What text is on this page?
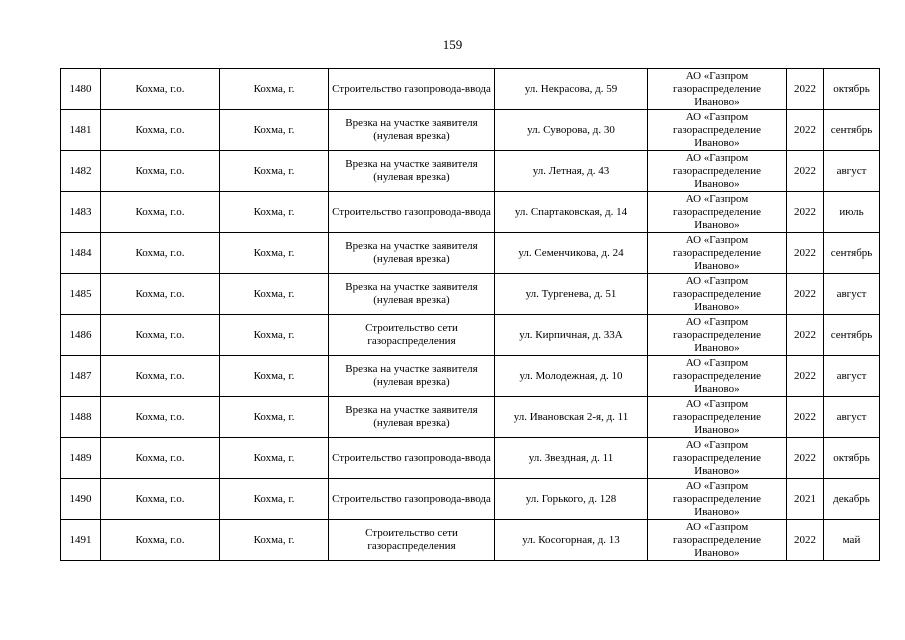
159
1480	Кохма, г.о.	Кохма, г.	Строительство газопровода-ввода	ул. Некрасова, д. 59	АО «Газпром газораспределение Иваново»	2022	октябрь
1481	Кохма, г.о.	Кохма, г.	Врезка на участке заявителя (нулевая врезка)	ул. Суворова, д. 30	АО «Газпром газораспределение Иваново»	2022	сентябрь
1482	Кохма, г.о.	Кохма, г.	Врезка на участке заявителя (нулевая врезка)	ул. Летная, д. 43	АО «Газпром газораспределение Иваново»	2022	август
1483	Кохма, г.о.	Кохма, г.	Строительство газопровода-ввода	ул. Спартаковская, д. 14	АО «Газпром газораспределение Иваново»	2022	июль
1484	Кохма, г.о.	Кохма, г.	Врезка на участке заявителя (нулевая врезка)	ул. Семенчикова, д. 24	АО «Газпром газораспределение Иваново»	2022	сентябрь
1485	Кохма, г.о.	Кохма, г.	Врезка на участке заявителя (нулевая врезка)	ул. Тургенева, д. 51	АО «Газпром газораспределение Иваново»	2022	август
1486	Кохма, г.о.	Кохма, г.	Строительство сети газораспределения	ул. Кирпичная, д. 33А	АО «Газпром газораспределение Иваново»	2022	сентябрь
1487	Кохма, г.о.	Кохма, г.	Врезка на участке заявителя (нулевая врезка)	ул. Молодежная, д. 10	АО «Газпром газораспределение Иваново»	2022	август
1488	Кохма, г.о.	Кохма, г.	Врезка на участке заявителя (нулевая врезка)	ул. Ивановская 2-я, д. 11	АО «Газпром газораспределение Иваново»	2022	август
1489	Кохма, г.о.	Кохма, г.	Строительство газопровода-ввода	ул. Звездная, д. 11	АО «Газпром газораспределение Иваново»	2022	октябрь
1490	Кохма, г.о.	Кохма, г.	Строительство газопровода-ввода	ул. Горького, д. 128	АО «Газпром газораспределение Иваново»	2021	декабрь
1491	Кохма, г.о.	Кохма, г.	Строительство сети газораспределения	ул. Косогорная, д. 13	АО «Газпром газораспределение Иваново»	2022	май
